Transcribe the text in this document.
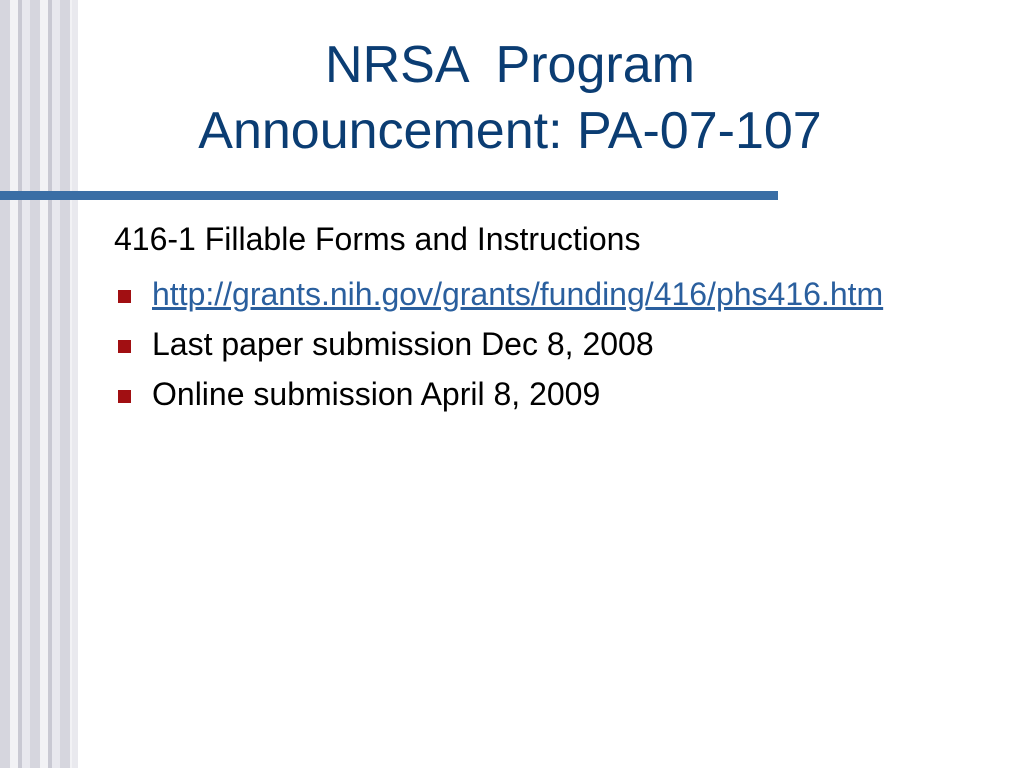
NRSA  Program
Announcement: PA-07-107
416-1 Fillable Forms and Instructions
http://grants.nih.gov/grants/funding/416/phs416.htm
Last paper submission Dec 8, 2008
Online submission April 8, 2009
